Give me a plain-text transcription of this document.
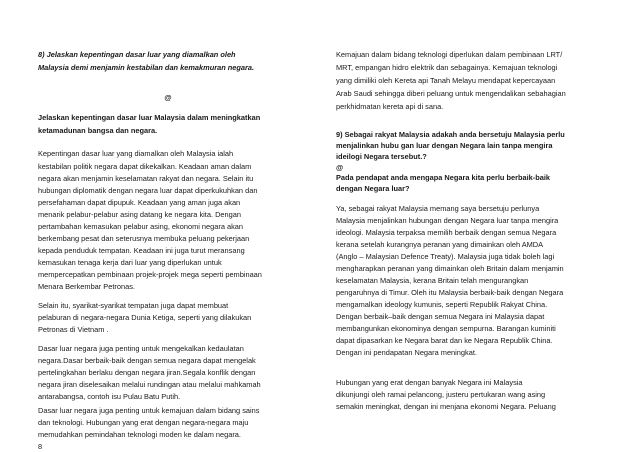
8) Jelaskan kepentingan dasar luar yang diamalkan oleh
Malaysia demi menjamin kestabilan dan kemakmuran negara.
@
Jelaskan kepentingan dasar luar Malaysia dalam meningkatkan
ketamadunan bangsa dan negara.
Kepentingan dasar luar yang diamalkan oleh Malaysia ialah
kestabilan politik negara dapat dikekalkan. Keadaan aman dalam
negara akan menjamin keselamatan rakyat dan negara. Selain itu
hubungan diplomatik dengan negara luar dapat diperkukuhkan dan
persefahaman dapat dipupuk. Keadaan yang aman juga akan
menarik pelabur-pelabur asing datang ke negara kita. Dengan
pertambahan kemasukan pelabur asing, ekonomi negara akan
berkembang pesat dan seterusnya membuka peluang pekerjaan
kepada penduduk tempatan. Keadaan ini juga turut meransang
kemasukan tenaga kerja dari luar yang diperlukan untuk
mempercepatkan pembinaan projek-projek mega seperti pembinaan
Menara Berkembar Petronas.
Selain itu, syarikat-syarikat tempatan juga dapat membuat
pelaburan di negara-negara Dunia Ketiga, seperti yang dilakukan
Petronas di Vietnam .
Dasar luar negara juga penting untuk mengekalkan kedaulatan
negara.Dasar berbaik-baik dengan semua negara dapat mengelak
pertelingkahan berlaku dengan negara jiran.Segala konflik dengan
negara jiran diselesaikan melalui rundingan atau melalui mahkamah
antarabangsa, contoh isu Pulau Batu Putih.
Dasar luar negara juga penting untuk kemajuan dalam bidang sains
dan teknologi. Hubungan yang erat dengan negara-negara maju
memudahkan pemindahan teknologi moden ke dalam negara.
8
Kemajuan dalam bidang teknologi diperlukan dalam pembinaan LRT/
MRT, empangan hidro elektrik dan sebagainya. Kemajuan teknologi
yang dimiliki oleh Kereta api Tanah Melayu mendapat kepercayaan
Arab Saudi sehingga diberi peluang untuk mengendalikan sebahagian
perkhidmatan kereta api di sana.
9) Sebagai rakyat Malaysia adakah anda bersetuju Malaysia perlu
menjalinkan hubu gan luar dengan Negara lain tanpa mengira
ideilogi Negara tersebut.?
@
Pada pendapat anda mengapa Negara kita perlu berbaik-baik
dengan Negara luar?
Ya, sebagai rakyat Malaysia memang saya bersetuju perlunya
Malaysia menjalinkan hubungan dengan Negara luar tanpa mengira
ideologi. Malaysia terpaksa memilih berbaik dengan semua Negara
kerana setelah kurangnya peranan yang dimainkan oleh AMDA
(Anglo – Malaysian Defence Treaty). Malaysia juga tidak boleh lagi
mengharapkan peranan yang dimainkan oleh Britain dalam menjamin
keselamatan Malaysia, kerana Britain telah mengurangkan
pengaruhnya di Timur. Oleh itu Malaysia berbaik-baik dengan Negara
mengamalkan ideology kumunis, seperti Republik Rakyat China.
Dengan berbaik–baik dengan semua Negara ini Malaysia dapat
membangunkan ekonominya dengan sempurna. Barangan kuminiti
dapat dipasarkan ke Negara barat dan ke Negara Republik China.
Dengan ini pendapatan Negara meningkat.
Hubungan yang erat dengan banyak Negara ini Malaysia
dikunjungi oleh ramai pelancong, justeru pertukaran wang asing
semakin meningkat, dengan ini menjana ekonomi Negara. Peluang
